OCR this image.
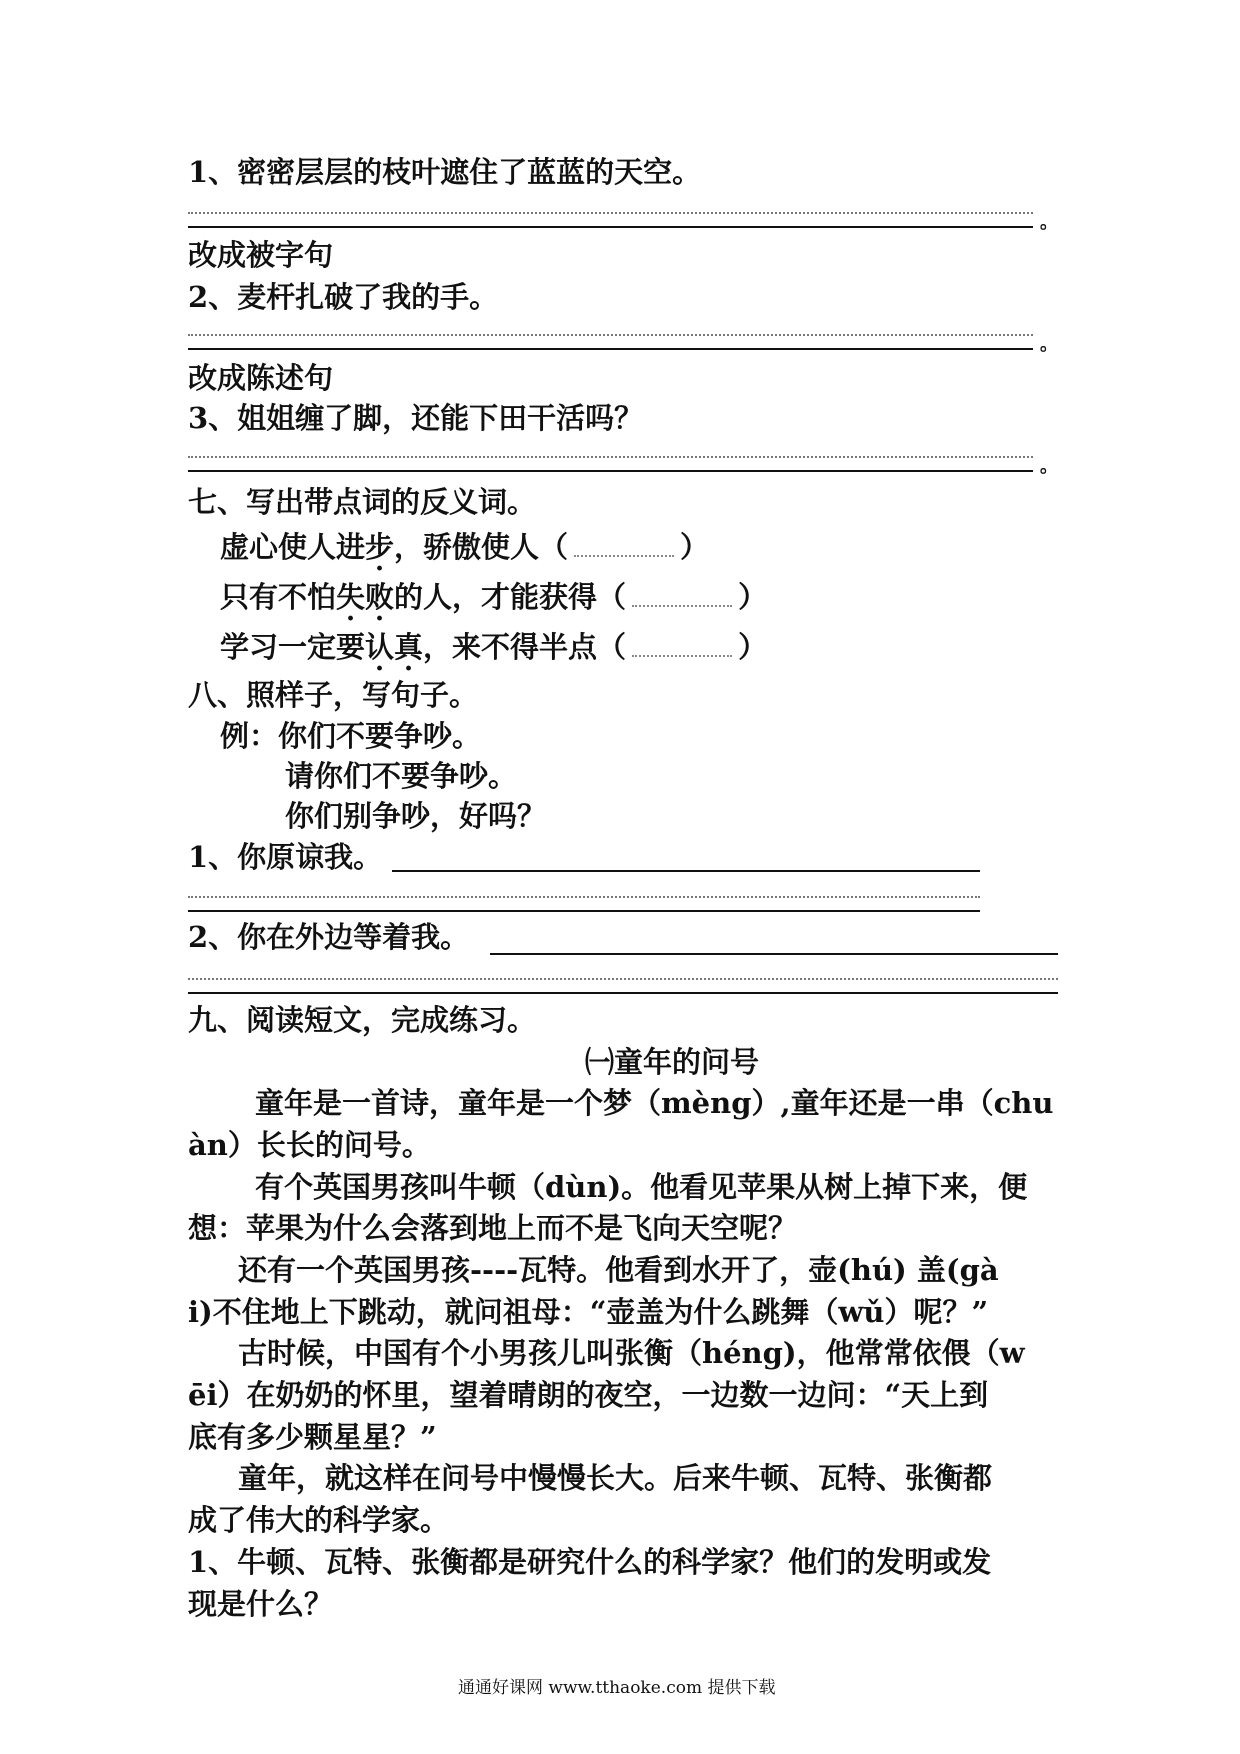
1、密密层层的枝叶遮住了蓝蓝的天空。
。
改成被字句
2、麦杆扎破了我的手。
。
改成陈述句
3、姐姐缠了脚，还能下田干活吗？
。
七、写出带点词的反义词。
虚心使人进步，骄傲使人（	）
只有不怕失败的人，才能获得（	）
学习一定要认真，来不得半点（	）
八、照样子，写句子。
例：你们不要争吵。
请你们不要争吵。
你们别争吵，好吗？
1、你原谅我。
2、你在外边等着我。
九、阅读短文，完成练习。
㈠童年的问号
童年是一首诗，童年是一个梦（mèng）,童年还是一串（chu
àn）长长的问号。
有个英国男孩叫牛顿（dùn)。他看见苹果从树上掉下来，便
想：苹果为什么会落到地上而不是飞向天空呢？
还有一个英国男孩----瓦特。他看到水开了，壶(hú) 盖(gà
i)不住地上下跳动，就问祖母：“壶盖为什么跳舞（wǔ）呢？”
古时候，中国有个小男孩儿叫张衡（héng)，他常常依偎（w
ēi）在奶奶的怀里，望着晴朗的夜空，一边数一边问：“天上到
底有多少颗星星？”
童年，就这样在问号中慢慢长大。后来牛顿、瓦特、张衡都
成了伟大的科学家。
1、牛顿、瓦特、张衡都是研究什么的科学家？他们的发明或发
现是什么？
通通好课网 www.tthaoke.com 提供下载
